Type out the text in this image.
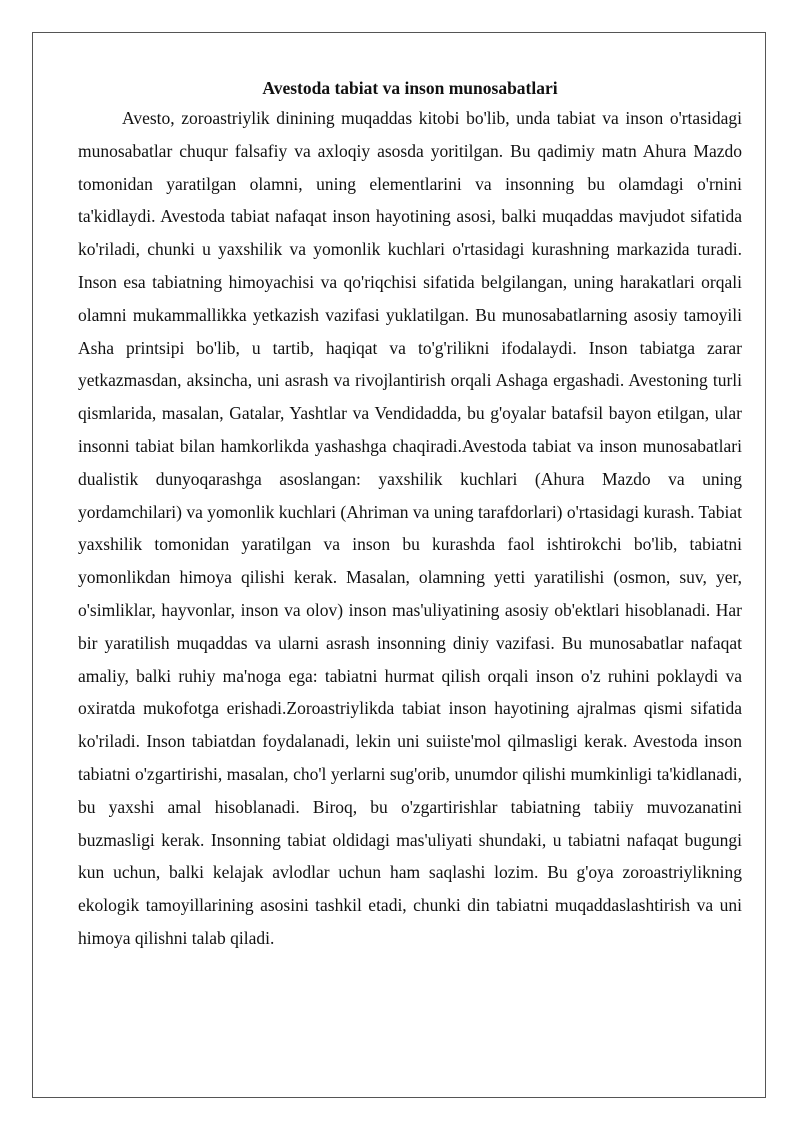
Avestoda tabiat va inson munosabatlari

Avesto, zoroastriylik dinining muqaddas kitobi bo'lib, unda tabiat va inson o'rtasidagi munosabatlar chuqur falsafiy va axloqiy asosda yoritilgan. Bu qadimiy matn Ahura Mazdo tomonidan yaratilgan olamni, uning elementlarini va insonning bu olamdagi o'rnini ta'kidlaydi. Avestoda tabiat nafaqat inson hayotining asosi, balki muqaddas mavjudot sifatida ko'riladi, chunki u yaxshilik va yomonlik kuchlari o'rtasidagi kurashning markazida turadi. Inson esa tabiatning himoyachisi va qo'riqchisi sifatida belgilangan, uning harakatlari orqali olamni mukammallikka yetkazish vazifasi yuklatilgan. Bu munosabatlarning asosiy tamoyili Asha printsipi bo'lib, u tartib, haqiqat va to'g'rilikni ifodalaydi. Inson tabiatga zarar yetkazmasdan, aksincha, uni asrash va rivojlantirish orqali Ashaga ergashadi. Avestoning turli qismlarida, masalan, Gatalar, Yashtlar va Vendidadda, bu g'oyalar batafsil bayon etilgan, ular insonni tabiat bilan hamkorlikda yashashga chaqiradi.Avestoda tabiat va inson munosabatlari dualistik dunyoqarashga asoslangan: yaxshilik kuchlari (Ahura Mazdo va uning yordamchilari) va yomonlik kuchlari (Ahriman va uning tarafdorlari) o'rtasidagi kurash. Tabiat yaxshilik tomonidan yaratilgan va inson bu kurashda faol ishtirokchi bo'lib, tabiatni yomonlikdan himoya qilishi kerak. Masalan, olamning yetti yaratilishi (osmon, suv, yer, o'simliklar, hayvonlar, inson va olov) inson mas'uliyatining asosiy ob'ektlari hisoblanadi. Har bir yaratilish muqaddas va ularni asrash insonning diniy vazifasi. Bu munosabatlar nafaqat amaliy, balki ruhiy ma'noga ega: tabiatni hurmat qilish orqali inson o'z ruhini poklaydi va oxiratda mukofotga erishadi.Zoroastriylikda tabiat inson hayotining ajralmas qismi sifatida ko'riladi. Inson tabiatdan foydalanadi, lekin uni suiiste'mol qilmasligi kerak. Avestoda inson tabiatni o'zgartirishi, masalan, cho'l yerlarni sug'orib, unumdor qilishi mumkinligi ta'kidlanadi, bu yaxshi amal hisoblanadi. Biroq, bu o'zgartirishlar tabiatning tabiiy muvozanatini buzmasligi kerak. Insonning tabiat oldidagi mas'uliyati shundaki, u tabiatni nafaqat bugungi kun uchun, balki kelajak avlodlar uchun ham saqlashi lozim. Bu g'oya zoroastriylikning ekologik tamoyillarining asosini tashkil etadi, chunki din tabiatni muqaddaslashtirish va uni himoya qilishni talab qiladi.
